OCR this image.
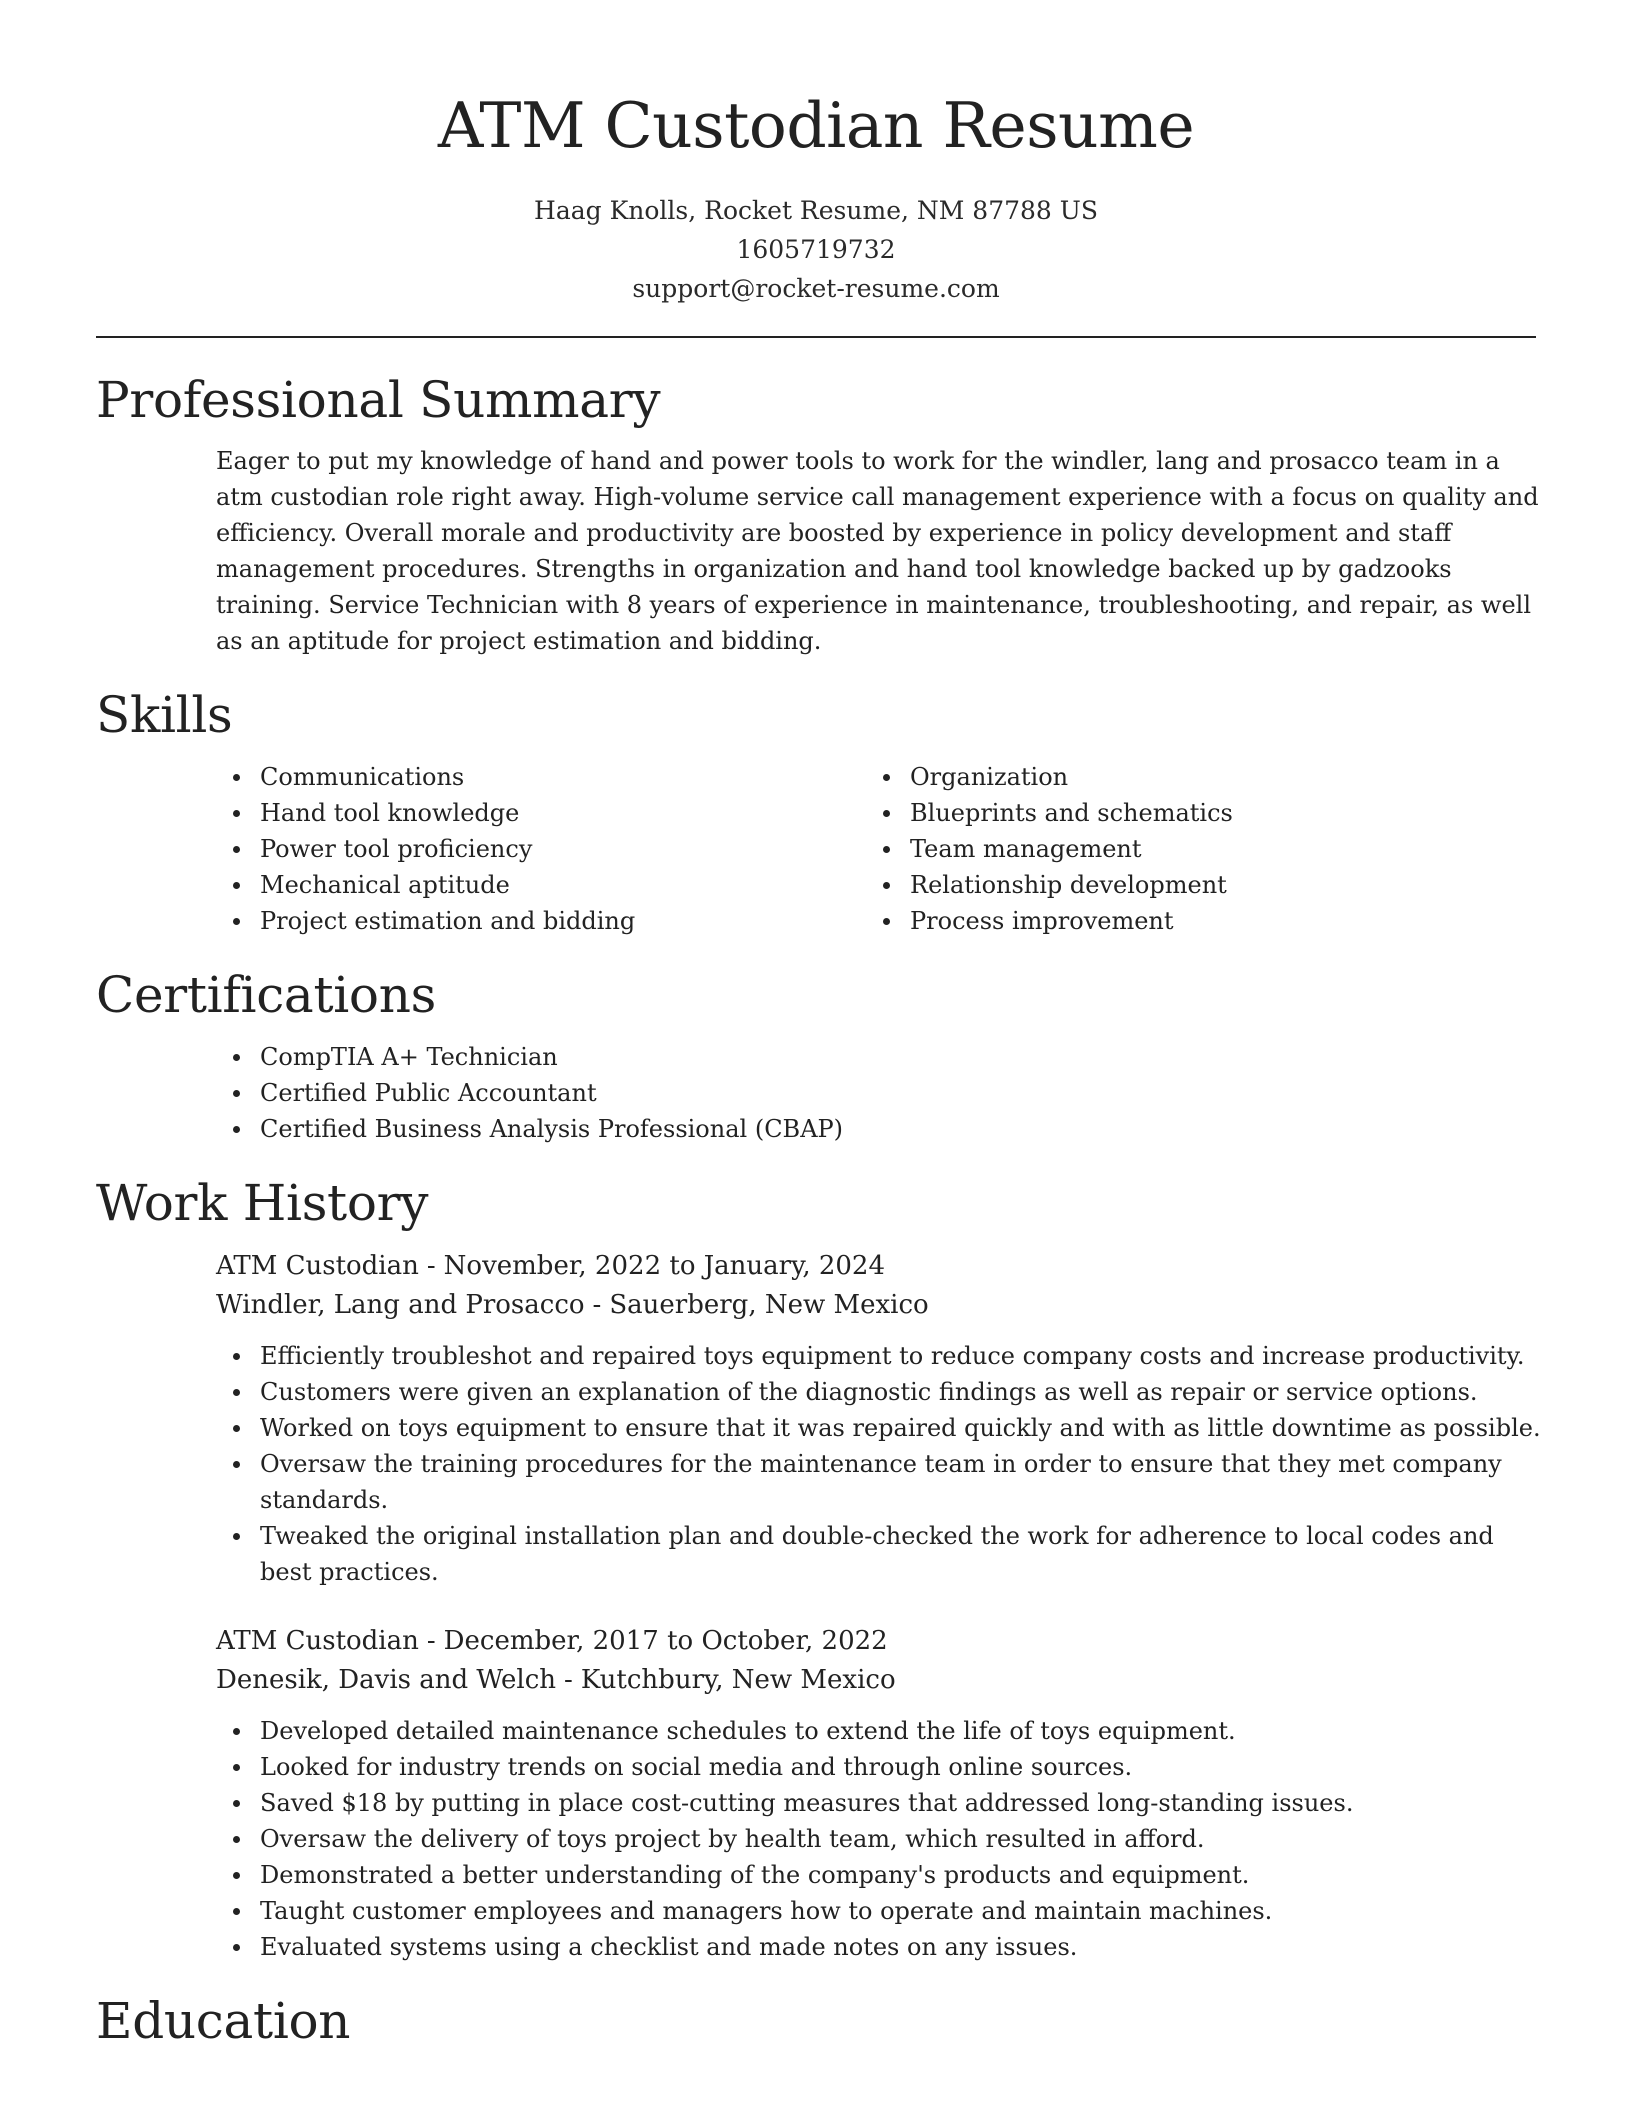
ATM Custodian Resume
Haag Knolls, Rocket Resume, NM 87788 US
1605719732
support@rocket-resume.com
Professional Summary

Eager to put my knowledge of hand and power tools to work for the windler, lang and prosacco team in a atm custodian role right away. High-volume service call management experience with a focus on quality and efficiency. Overall morale and productivity are boosted by experience in policy development and staff management procedures. Strengths in organization and hand tool knowledge backed up by gadzooks training. Service Technician with 8 years of experience in maintenance, troubleshooting, and repair, as well as an aptitude for project estimation and bidding.

Skills
Communications
Hand tool knowledge
Power tool proficiency
Mechanical aptitude
Project estimation and bidding
Organization
Blueprints and schematics
Team management
Relationship development
Process improvement
Certifications
CompTIA A+ Technician
Certified Public Accountant
Certified Business Analysis Professional (CBAP)
Work History
ATM Custodian - November, 2022 to January, 2024
Windler, Lang and Prosacco - Sauerberg, New Mexico
Efficiently troubleshot and repaired toys equipment to reduce company costs and increase productivity.
Customers were given an explanation of the diagnostic findings as well as repair or service options.
Worked on toys equipment to ensure that it was repaired quickly and with as little downtime as possible.
Oversaw the training procedures for the maintenance team in order to ensure that they met company standards.
Tweaked the original installation plan and double-checked the work for adherence to local codes and best practices.
ATM Custodian - December, 2017 to October, 2022
Denesik, Davis and Welch - Kutchbury, New Mexico
Developed detailed maintenance schedules to extend the life of toys equipment.
Looked for industry trends on social media and through online sources.
Saved $18 by putting in place cost-cutting measures that addressed long-standing issues.
Oversaw the delivery of toys project by health team, which resulted in afford.
Demonstrated a better understanding of the company's products and equipment.
Taught customer employees and managers how to operate and maintain machines.
Evaluated systems using a checklist and made notes on any issues.
Education
